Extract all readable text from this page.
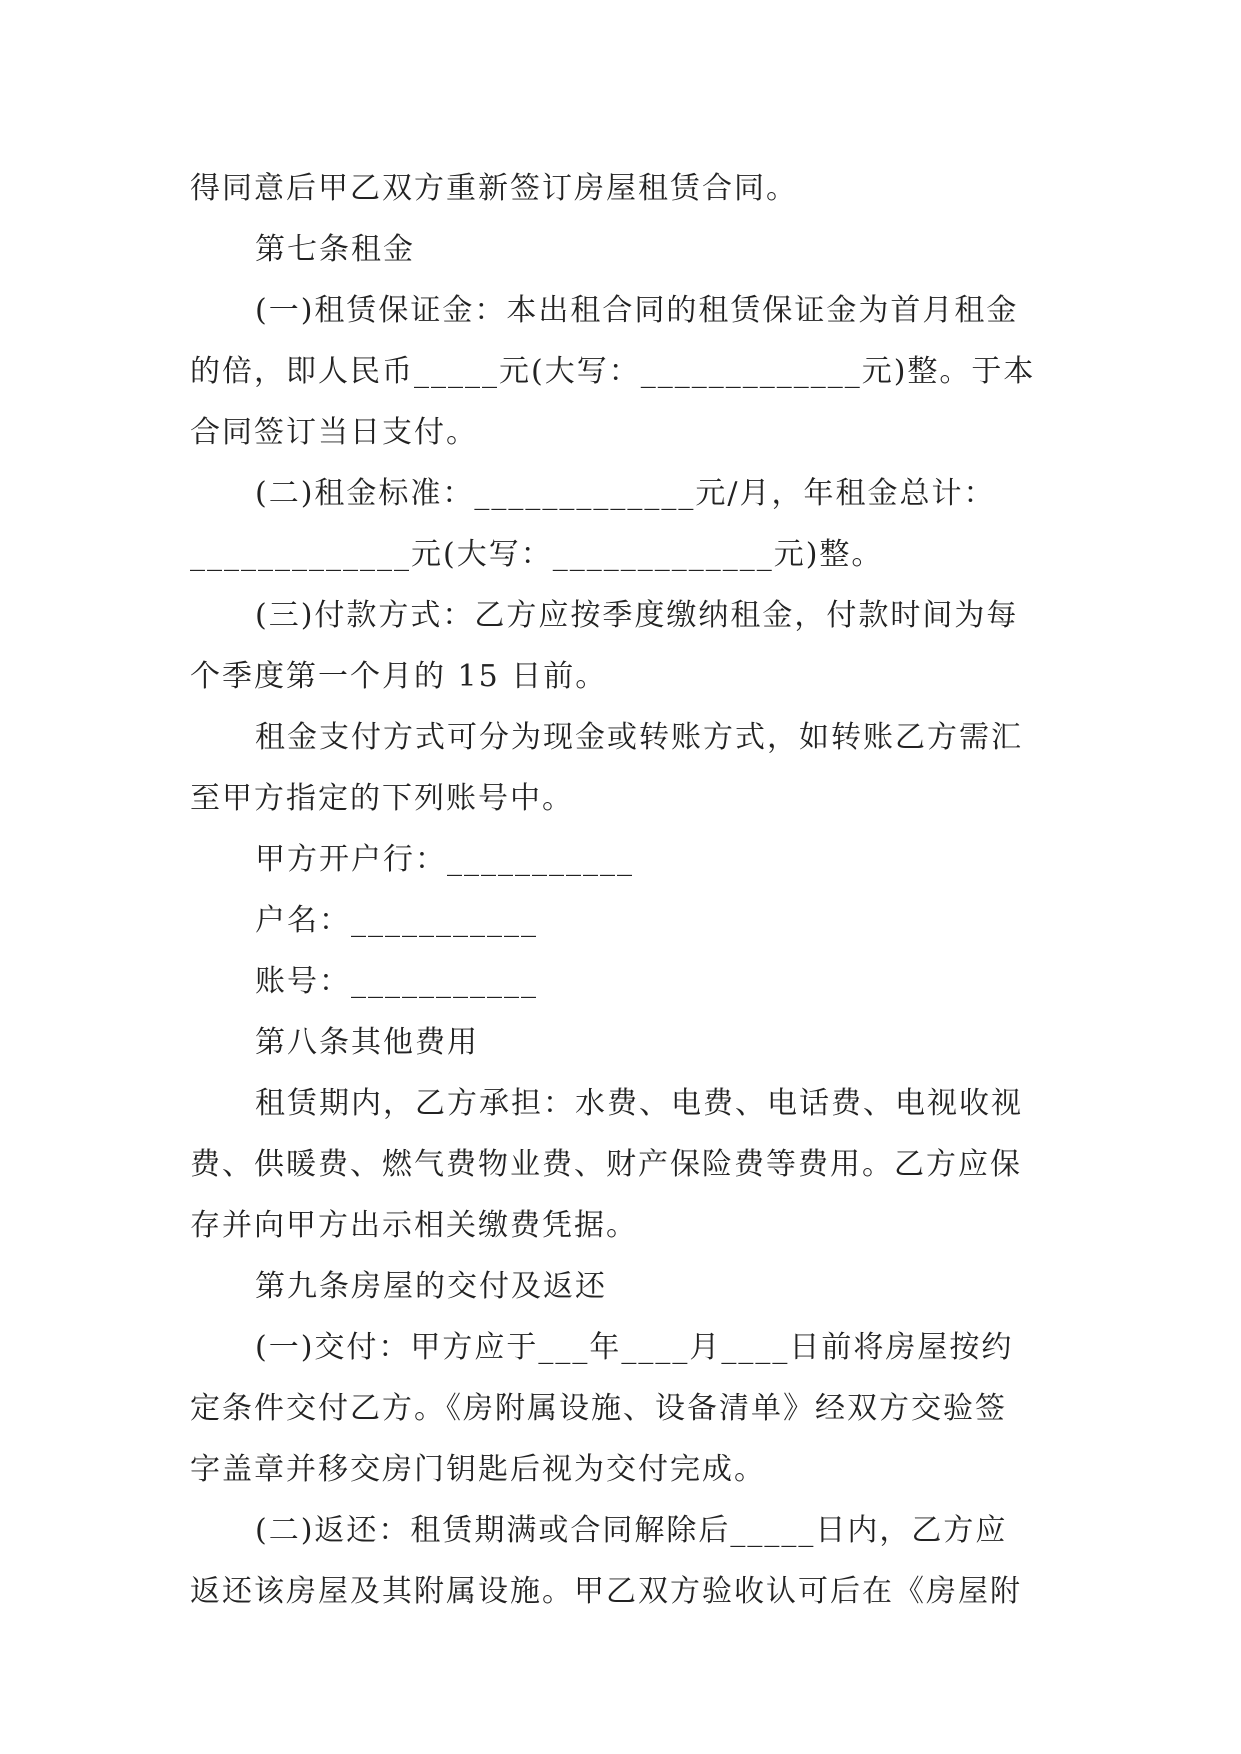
得同意后甲乙双方重新签订房屋租赁合同。
第七条租金
(一)租赁保证金：本出租合同的租赁保证金为首月租金
的倍，即人民币_____元(大写：_____________元)整。于本
合同签订当日支付。
(二)租金标准：_____________元/月，年租金总计：
_____________元(大写：_____________元)整。
(三)付款方式：乙方应按季度缴纳租金，付款时间为每
个季度第一个月的 15 日前。
租金支付方式可分为现金或转账方式，如转账乙方需汇
至甲方指定的下列账号中。
甲方开户行：___________
户名：___________
账号：___________
第八条其他费用
租赁期内，乙方承担：水费、电费、电话费、电视收视
费、供暖费、燃气费物业费、财产保险费等费用。乙方应保
存并向甲方出示相关缴费凭据。
第九条房屋的交付及返还
(一)交付：甲方应于___年____月____日前将房屋按约
定条件交付乙方。《房附属设施、设备清单》经双方交验签
字盖章并移交房门钥匙后视为交付完成。
(二)返还：租赁期满或合同解除后_____日内，乙方应
返还该房屋及其附属设施。甲乙双方验收认可后在《房屋附
